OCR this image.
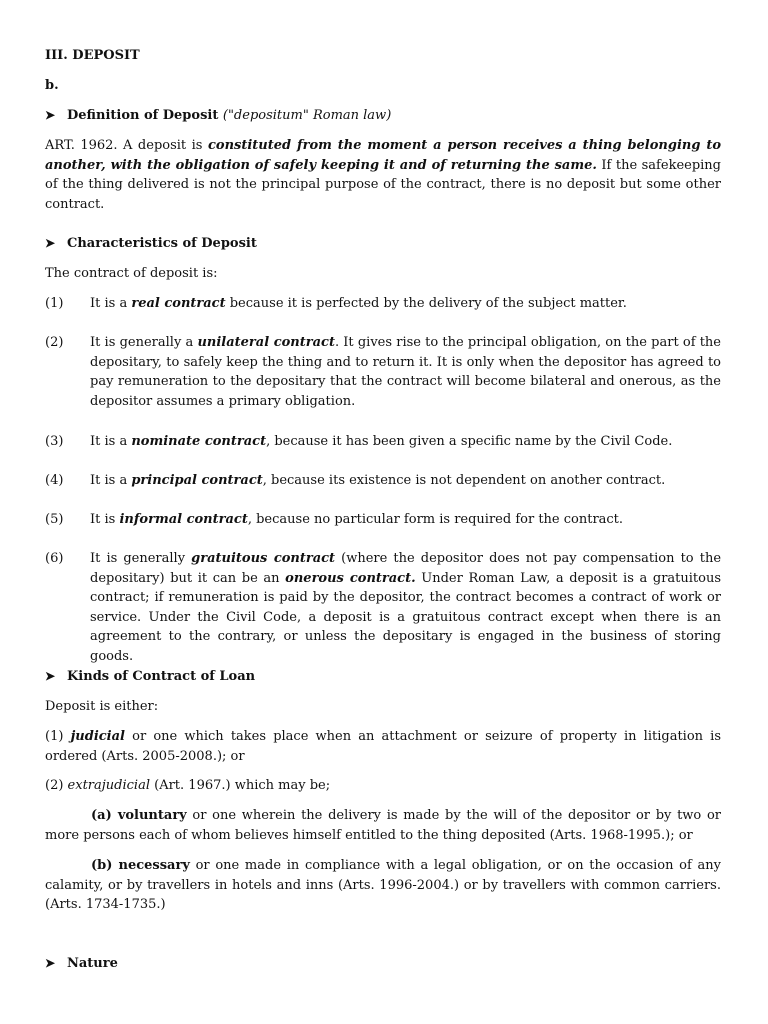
III. DEPOSIT
b.
➤ Definition of Deposit
("depositum" Roman law)
ART. 1962. A deposit is constituted from the moment a person receives a thing belonging to another, with the obligation of safely keeping it and of returning the same. If the safekeeping of the thing delivered is not the principal purpose of the contract, there is no deposit but some other contract.
➤ Characteristics of Deposit
The contract of deposit is:
(1)	It is a real contract because it is perfected by the delivery of the subject matter.
(2)	It is generally a unilateral contract. It gives rise to the principal obligation, on the part of the depositary, to safely keep the thing and to return it. It is only when the depositor has agreed to pay remuneration to the depositary that the contract will become bilateral and onerous, as the depositor assumes a primary obligation.
(3)	It is a nominate contract, because it has been given a specific name by the Civil Code.
(4)	It is a principal contract, because its existence is not dependent on another contract.
(5)	It is informal contract, because no particular form is required for the contract.
(6)	It is generally gratuitous contract (where the depositor does not pay compensation to the depositary) but it can be an onerous contract. Under Roman Law, a deposit is a gratuitous contract; if remuneration is paid by the depositor, the contract becomes a contract of work or service. Under the Civil Code, a deposit is a gratuitous contract except when there is an agreement to the contrary, or unless the depositary is engaged in the business of storing goods.
➤ Kinds of Contract of Loan
Deposit is either:
(1) judicial or one which takes place when an attachment or seizure of property in litigation is ordered (Arts. 2005-2008.); or
(2) extrajudicial (Art. 1967.) which may be;
(a) voluntary or one wherein the delivery is made by the will of the depositor or by two or more persons each of whom believes himself entitled to the thing deposited (Arts. 1968-1995.); or
(b) necessary or one made in compliance with a legal obligation, or on the occasion of any calamity, or by travellers in hotels and inns (Arts. 1996-2004.) or by travellers with common carriers. (Arts. 1734-1735.)
➤ Nature
